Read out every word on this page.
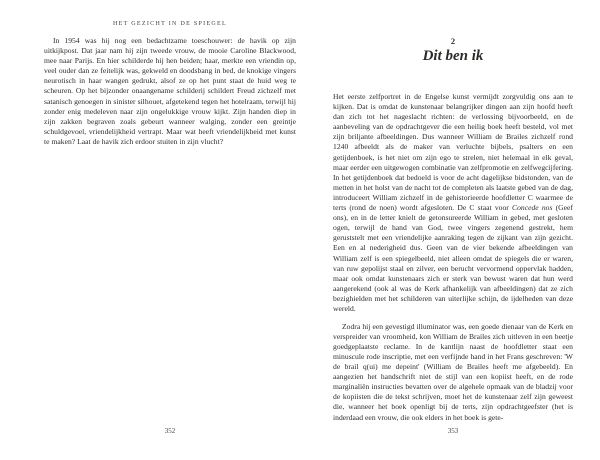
HET GEZICHT IN DE SPIEGEL

In 1954 was hij nog een bedachtzame toeschouwer: de havik op zijn uitkijkpost. Dat jaar nam hij zijn tweede vrouw, de mooie Caroline Blackwood, mee naar Parijs. En hier schilderde hij hen beiden; haar, merkte een vriendin op, veel ouder dan ze feitelijk was, gekweld en doodsbang in bed, de knokige vingers neurotisch in haar wangen gedrukt, alsof ze op het punt staat de huid weg te scheuren. Op het bijzonder onaangename schilderij schildert Freud zichzelf met satanisch genoegen in sinister silhouet, afgetekend tegen het hotelraam, terwijl hij zonder enig medeleven naar zijn ongelukkige vrouw kijkt. Zijn handen diep in zijn zakken begraven zoals gebeurt wanneer walging, zonder een greintje schuldgevoel, vriendelijkheid vertrapt. Maar wat heeft vriendelijkheid met kunst te maken? Laat de havik zich erdoor stuiten in zijn vlucht?

352
2
Dit ben ik

Het eerste zelfportret in de Engelse kunst vermijdt zorgvuldig ons aan te kijken. Dat is omdat de kunstenaar belangrijker dingen aan zijn hoofd heeft dan zich tot het nageslacht richten: de verlossing bijvoorbeeld, en de aanbeveling van de opdrachtgever die een heilig boek heeft besteld, vol met zijn briljante afbeeldingen. Dus wanneer William de Brailes zichzelf rond 1240 afbeeldt als de maker van verluchte bijbels, psalters en een getijdenboek, is het niet om zijn ego te strelen, niet helemaal in elk geval, maar eerder een uitgewogen combinatie van zelfpromotie en zelfwegcijfering. In het getijdenboek dat bedoeld is voor de acht dagelijkse bidstonden, van de metten in het holst van de nacht tot de completen als laatste gebed van de dag, introduceert William zichzelf in de gehistorieerde hoofdletter C waarmee de terts (rond de noen) wordt afgesloten. De C staat voor Concede nos (Geef ons), en in de letter knielt de getonsureerde William in gebed, met gesloten ogen, terwijl de hand van God, twee vingers zegenend gestrekt, hem geruststelt met een vriendelijke aanraking tegen de zijkant van zijn gezicht. Een en al nederigheid dus. Geen van de vier bekende afbeeldingen van William zelf is een spiegelbeeld, niet alleen omdat de spiegels die er waren, van ruw gepolijst staal en zilver, een berucht vervormend oppervlak hadden, maar ook omdat kunstenaars zich er sterk van bewust waren dat hun werd aangerekend (ook al was de Kerk afhankelijk van afbeeldingen) dat ze zich bezighielden met het schilderen van uiterlijke schijn, de ijdelheden van deze wereld.

Zodra hij een gevestigd illuminator was, een goede dienaar van de Kerk en verspreider van vroomheid, kon William de Brailes zich uitleven in een beetje goedgeplaatste reclame. In de kantlijn naast de hoofdletter staat een minuscule rode inscriptie, met een verfijnde hand in het Frans geschreven: 'W de brail q(ui) me depeint' (William de Brailes heeft me afgebeeld). En aangezien het handschrift niet de stijl van een kopiist heeft, en de rode marginaliën instructies bevatten over de algehele opmaak van de bladzij voor de kopiisten die de tekst schrijven, moet het de kunstenaar zelf zijn geweest die, wanneer het boek openligt bij de terts, zijn opdrachtgeefster (het is inderdaad een vrouw, die ook elders in het boek is gete-

353
